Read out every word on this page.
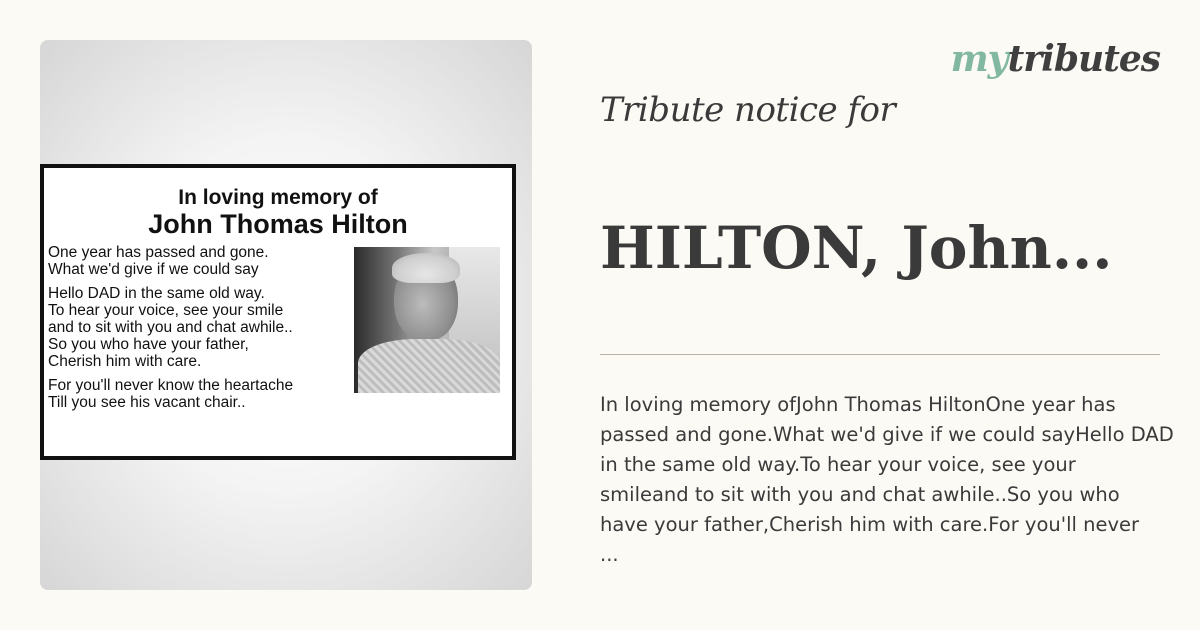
mytributes
In loving memory of
John Thomas Hilton
One year has passed and gone.
What we'd give if we could say
Hello DAD in the same old way.
To hear your voice, see your smile
and to sit with you and chat awhile..
So you who have your father,
Cherish him with care.
For you'll never know the heartache
Till you see his vacant chair..
Tribute notice for
HILTON, John...
In loving memory ofJohn Thomas HiltonOne year has
passed and gone.What we'd give if we could sayHello DAD
in the same old way.To hear your voice, see your
smileand to sit with you and chat awhile..So you who
have your father,Cherish him with care.For you'll never
...
